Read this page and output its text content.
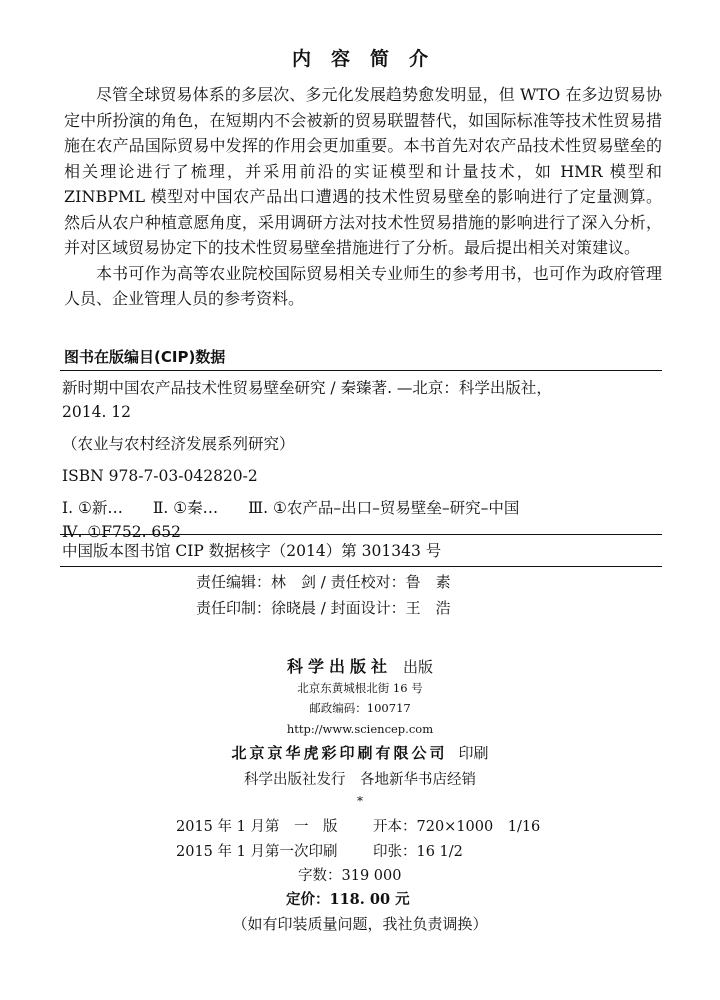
内容简介

尽管全球贸易体系的多层次、多元化发展趋势愈发明显，但 WTO 在多边贸易协定中所扮演的角色，在短期内不会被新的贸易联盟替代，如国际标准等技术性贸易措施在农产品国际贸易中发挥的作用会更加重要。本书首先对农产品技术性贸易壁垒的相关理论进行了梳理，并采用前沿的实证模型和计量技术，如 HMR 模型和 ZINBPML 模型对中国农产品出口遭遇的技术性贸易壁垒的影响进行了定量测算。然后从农户种植意愿角度，采用调研方法对技术性贸易措施的影响进行了深入分析，并对区域贸易协定下的技术性贸易壁垒措施进行了分析。最后提出相关对策建议。

本书可作为高等农业院校国际贸易相关专业师生的参考用书，也可作为政府管理人员、企业管理人员的参考资料。

图书在版编目(CIP)数据
新时期中国农产品技术性贸易壁垒研究 / 秦臻著. —北京：科学出版社，
2014. 12
（农业与农村经济发展系列研究）
ISBN 978-7-03-042820-2
Ⅰ. ①新… Ⅱ. ①秦… Ⅲ. ①农产品–出口–贸易壁垒–研究–中国
Ⅳ. ①F752. 652
中国版本图书馆 CIP 数据核字（2014）第 301343 号
责任编辑：林　剑 / 责任校对：鲁　素
责任印制：徐晓晨 / 封面设计：王　浩
科学出版社 出版
北京东黄城根北街 16 号
邮政编码：100717
http://www.sciencep.com
北京京华虎彩印刷有限公司 印刷
科学出版社发行　各地新华书店经销
*
2015 年 1 月第　一　版 开本：720×1000　1/16
2015 年 1 月第一次印刷 印张：16 1/2
字数：319 000
定价：118. 00 元
（如有印装质量问题，我社负责调换）
